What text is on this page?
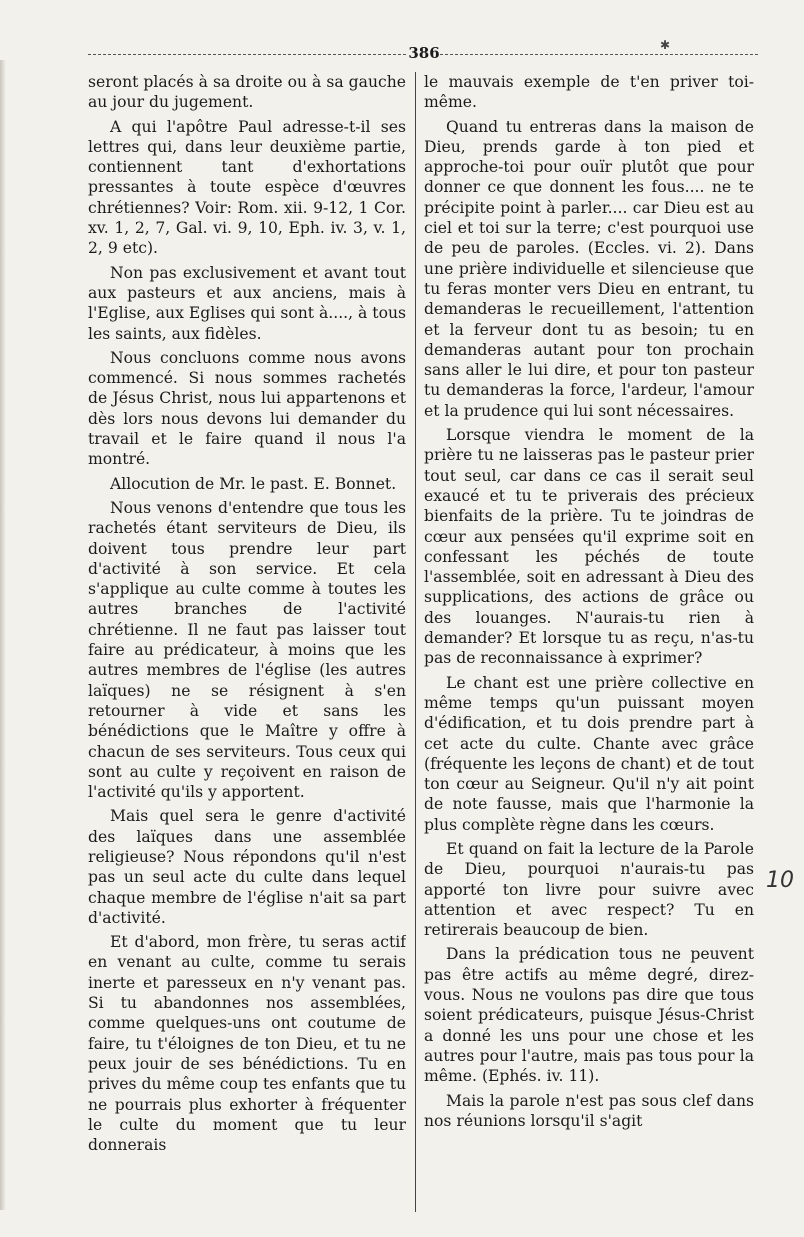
386	✱

seront placés à sa droite ou à sa gauche au jour du jugement.

A qui l'apôtre Paul adresse-t-il ses lettres qui, dans leur deuxième partie, contiennent tant d'exhortations pressantes à toute espèce d'œuvres chrétiennes? Voir: Rom. xii. 9-12, 1 Cor. xv. 1, 2, 7, Gal. vi. 9, 10, Eph. iv. 3, v. 1, 2, 9 etc).

Non pas exclusivement et avant tout aux pasteurs et aux anciens, mais à l'Eglise, aux Eglises qui sont à...., à tous les saints, aux fidèles.

Nous concluons comme nous avons commencé. Si nous sommes rachetés de Jésus Christ, nous lui appartenons et dès lors nous devons lui demander du travail et le faire quand il nous l'a montré.

Allocution de Mr. le past. E. Bonnet.

Nous venons d'entendre que tous les rachetés étant serviteurs de Dieu, ils doivent tous prendre leur part d'activité à son service. Et cela s'applique au culte comme à toutes les autres branches de l'activité chrétienne. Il ne faut pas laisser tout faire au prédicateur, à moins que les autres membres de l'église (les autres laïques) ne se résignent à s'en retourner à vide et sans les bénédictions que le Maître y offre à chacun de ses serviteurs. Tous ceux qui sont au culte y reçoivent en raison de l'activité qu'ils y apportent.

Mais quel sera le genre d'activité des laïques dans une assemblée religieuse? Nous répondons qu'il n'est pas un seul acte du culte dans lequel chaque membre de l'église n'ait sa part d'activité.

Et d'abord, mon frère, tu seras actif en venant au culte, comme tu serais inerte et paresseux en n'y venant pas. Si tu abandonnes nos assemblées, comme quelques-uns ont coutume de faire, tu t'éloignes de ton Dieu, et tu ne peux jouir de ses bénédictions. Tu en prives du même coup tes enfants que tu ne pourrais plus exhorter à fréquenter le culte du moment que tu leur donnerais

le mauvais exemple de t'en priver toi-même.

Quand tu entreras dans la maison de Dieu, prends garde à ton pied et approche-toi pour ouïr plutôt que pour donner ce que donnent les fous.... ne te précipite point à parler.... car Dieu est au ciel et toi sur la terre; c'est pourquoi use de peu de paroles. (Eccles. vi. 2). Dans une prière individuelle et silencieuse que tu feras monter vers Dieu en entrant, tu demanderas le recueillement, l'attention et la ferveur dont tu as besoin; tu en demanderas autant pour ton prochain sans aller le lui dire, et pour ton pasteur tu demanderas la force, l'ardeur, l'amour et la prudence qui lui sont nécessaires.

Lorsque viendra le moment de la prière tu ne laisseras pas le pasteur prier tout seul, car dans ce cas il serait seul exaucé et tu te priverais des précieux bienfaits de la prière. Tu te joindras de cœur aux pensées qu'il exprime soit en confessant les péchés de toute l'assemblée, soit en adressant à Dieu des supplications, des actions de grâce ou des louanges. N'aurais-tu rien à demander? Et lorsque tu as reçu, n'as-tu pas de reconnaissance à exprimer?

Le chant est une prière collective en même temps qu'un puissant moyen d'édification, et tu dois prendre part à cet acte du culte. Chante avec grâce (fréquente les leçons de chant) et de tout ton cœur au Seigneur. Qu'il n'y ait point de note fausse, mais que l'harmonie la plus complète règne dans les cœurs.

Et quand on fait la lecture de la Parole de Dieu, pourquoi n'aurais-tu pas apporté ton livre pour suivre avec attention et avec respect? Tu en retirerais beaucoup de bien.

Dans la prédication tous ne peuvent pas être actifs au même degré, direz-vous. Nous ne voulons pas dire que tous soient prédicateurs, puisque Jésus-Christ a donné les uns pour une chose et les autres pour l'autre, mais pas tous pour la même. (Ephés. iv. 11).

Mais la parole n'est pas sous clef dans nos réunions lorsqu'il s'agit

10
